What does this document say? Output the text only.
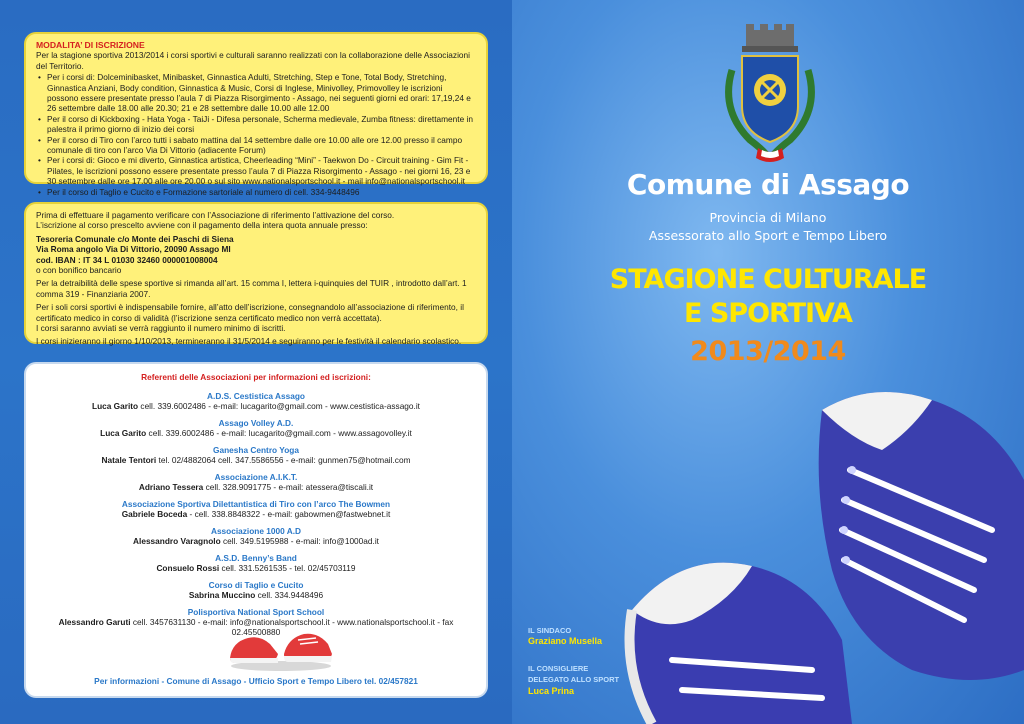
MODALITA’ DI ISCRIZIONE
Per la stagione sportiva 2013/2014 i corsi sportivi e culturali saranno realizzati con la collaborazione delle Associazioni del Territorio.
• Per i corsi di: Dolceminibasket, Minibasket, Ginnastica Adulti, Stretching, Step e Tone, Total Body, Stretching, Ginnastica Anziani, Body condition, Ginnastica & Music, Corsi di Inglese, Minivolley, Primovolley le iscrizioni possono essere presentate presso l’aula 7 di Piazza Risorgimento - Assago, nei seguenti giorni ed orari: 17,19,24 e 26 settembre dalle 18.00 alle 20.30; 21 e 28 settembre dalle 10.00 alle 12.00
• Per il corso di Kickboxing - Hata Yoga - TaiJi - Difesa personale, Scherma medievale, Zumba fitness: direttamente in palestra il primo giorno di inizio dei corsi
• Per il corso di Tiro con l’arco tutti i sabato mattina dal 14 settembre dalle ore 10.00 alle ore 12.00 presso il campo comunale di tiro con l’arco Via Di Vittorio (adiacente Forum)
• Per i corsi di: Gioco e mi diverto, Ginnastica artistica, Cheerleading “Mini” - Taekwon Do - Circuit training - Gim Fit - Pilates, le iscrizioni possono essere presentate presso l’aula 7 di Piazza Risorgimento - Assago - nei giorni 16, 23 e 30 settembre dalle ore 17.00 alle ore 20.00 o sul sito www.nationalsportschool.it - mail info@nationalsportschool.it
• Per il corso di Taglio e Cucito e Formazione sartoriale al numero di cell. 334-9448496
Prima di effettuare il pagamento verificare con l’Associazione di riferimento l’attivazione del corso.
L’iscrizione al corso prescelto avviene con il pagamento della intera quota annuale presso:
Tesoreria Comunale c/o Monte dei Paschi di Siena
Via Roma angolo Via Di Vittorio, 20090 Assago MI
cod. IBAN : IT 34 L 01030 32460 000001008004
o con bonifico bancario
Per la detraibilità delle spese sportive si rimanda all’art. 15 comma I, lettera i-quinquies del TUIR , introdotto dall’art. 1 comma 319 - Finanziaria 2007.
Per i soli corsi sportivi è indispensabile fornire, all’atto dell’iscrizione, consegnandolo all’associazione di riferimento, il certificato medico in corso di validità (l’iscrizione senza certificato medico non verrà accettata).
I corsi saranno avviati se verrà raggiunto il numero minimo di iscritti.
I corsi inizieranno il giorno 1/10/2013, termineranno il 31/5/2014 e seguiranno per le festività il calendario scolastico.
Referenti delle Associazioni per informazioni ed iscrizioni:
A.D.S. Cestistica Assago
Luca Garito cell. 339.6002486 - e-mail: lucagarito@gmail.com - www.cestistica-assago.it
Assago Volley A.D.
Luca Garito cell. 339.6002486 - e-mail: lucagarito@gmail.com - www.assagovolley.it
Ganesha Centro Yoga
Natale Tentori tel. 02/4882064 cell. 347.5586556 - e-mail: gunmen75@hotmail.com
Associazione A.I.K.T.
Adriano Tessera cell. 328.9091775 - e-mail: atessera@tiscali.it
Associazione Sportiva Dilettantistica di Tiro con l’arco The Bowmen
Gabriele Boceda - cell. 338.8848322 - e-mail: gabowmen@fastwebnet.it
Associazione 1000 A.D
Alessandro Varagnolo cell. 349.5195988 - e-mail: info@1000ad.it
A.S.D. Benny’s Band
Consuelo Rossi cell. 331.5261535 - tel. 02/45703119
Corso di Taglio e Cucito
Sabrina Muccino cell. 334.9448496
Polisportiva National Sport School
Alessandro Garuti cell. 3457631130 - e-mail: info@nationalsportschool.it - www.nationalsportschool.it - fax 02.45500880
Per informazioni - Comune di Assago - Ufficio Sport e Tempo Libero tel. 02/457821
Comune di Assago
Provincia di Milano
Assessorato allo Sport e Tempo Libero
STAGIONE CULTURALE
E SPORTIVA
2013/2014
IL SINDACO
Graziano Musella
IL CONSIGLIERE
DELEGATO ALLO SPORT
Luca Prina
